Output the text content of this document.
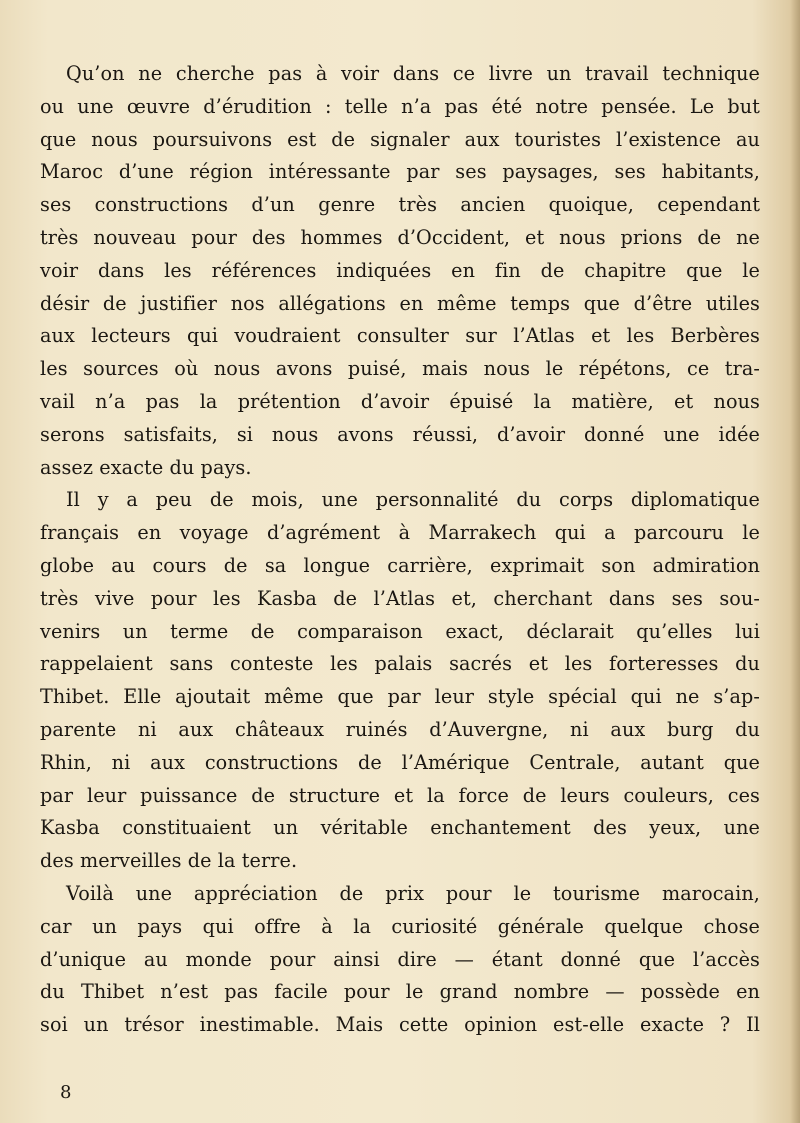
Qu’on ne cherche pas à voir dans ce livre un travail technique
ou une œuvre d’érudition : telle n’a pas été notre pensée. Le but
que nous poursuivons est de signaler aux touristes l’existence au
Maroc d’une région intéressante par ses paysages, ses habitants,
ses constructions d’un genre très ancien quoique, cependant
très nouveau pour des hommes d’Occident, et nous prions de ne
voir dans les références indiquées en fin de chapitre que le
désir de justifier nos allégations en même temps que d’être utiles
aux lecteurs qui voudraient consulter sur l’Atlas et les Berbères
les sources où nous avons puisé, mais nous le répétons, ce tra-
vail n’a pas la prétention d’avoir épuisé la matière, et nous
serons satisfaits, si nous avons réussi, d’avoir donné une idée
assez exacte du pays.
Il y a peu de mois, une personnalité du corps diplomatique
français en voyage d’agrément à Marrakech qui a parcouru le
globe au cours de sa longue carrière, exprimait son admiration
très vive pour les Kasba de l’Atlas et, cherchant dans ses sou-
venirs un terme de comparaison exact, déclarait qu’elles lui
rappelaient sans conteste les palais sacrés et les forteresses du
Thibet. Elle ajoutait même que par leur style spécial qui ne s’ap-
parente ni aux châteaux ruinés d’Auvergne, ni aux burg du
Rhin, ni aux constructions de l’Amérique Centrale, autant que
par leur puissance de structure et la force de leurs couleurs, ces
Kasba constituaient un véritable enchantement des yeux, une
des merveilles de la terre.
Voilà une appréciation de prix pour le tourisme marocain,
car un pays qui offre à la curiosité générale quelque chose
d’unique au monde pour ainsi dire — étant donné que l’accès
du Thibet n’est pas facile pour le grand nombre — possède en
soi un trésor inestimable. Mais cette opinion est-elle exacte ? Il
8
